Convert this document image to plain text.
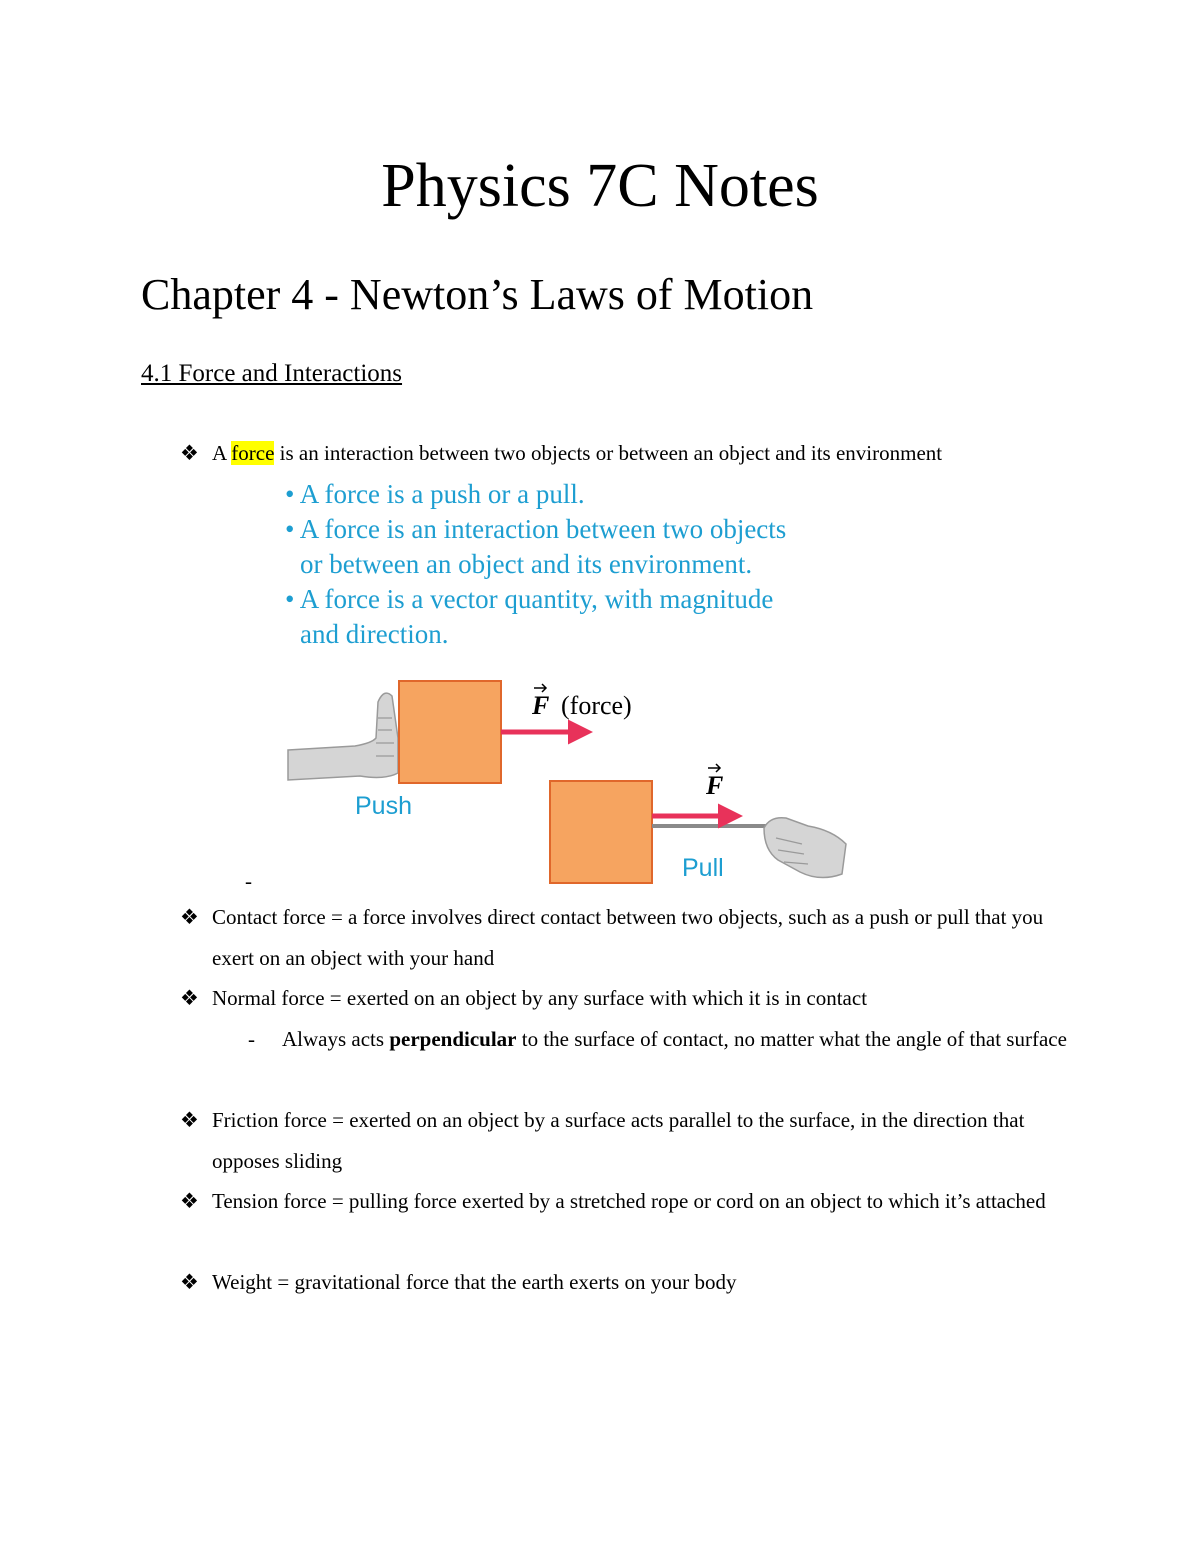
Physics 7C Notes
Chapter 4 - Newton’s Laws of Motion
4.1 Force and Interactions
❖ A force is an interaction between two objects or between an object and its environment
• A force is a push or a pull.
• A force is an interaction between two objects
or between an object and its environment.
• A force is a vector quantity, with magnitude
and direction.
F (force)
Push
F
Pull
-
❖ Contact force = a force involves direct contact between two objects, such as a push or pull that you exert on an object with your hand
❖ Normal force = exerted on an object by any surface with which it is in contact
- Always acts perpendicular to the surface of contact, no matter what the angle of that surface
❖ Friction force = exerted on an object by a surface acts parallel to the surface, in the direction that opposes sliding
❖ Tension force = pulling force exerted by a stretched rope or cord on an object to which it’s attached
❖ Weight = gravitational force that the earth exerts on your body
